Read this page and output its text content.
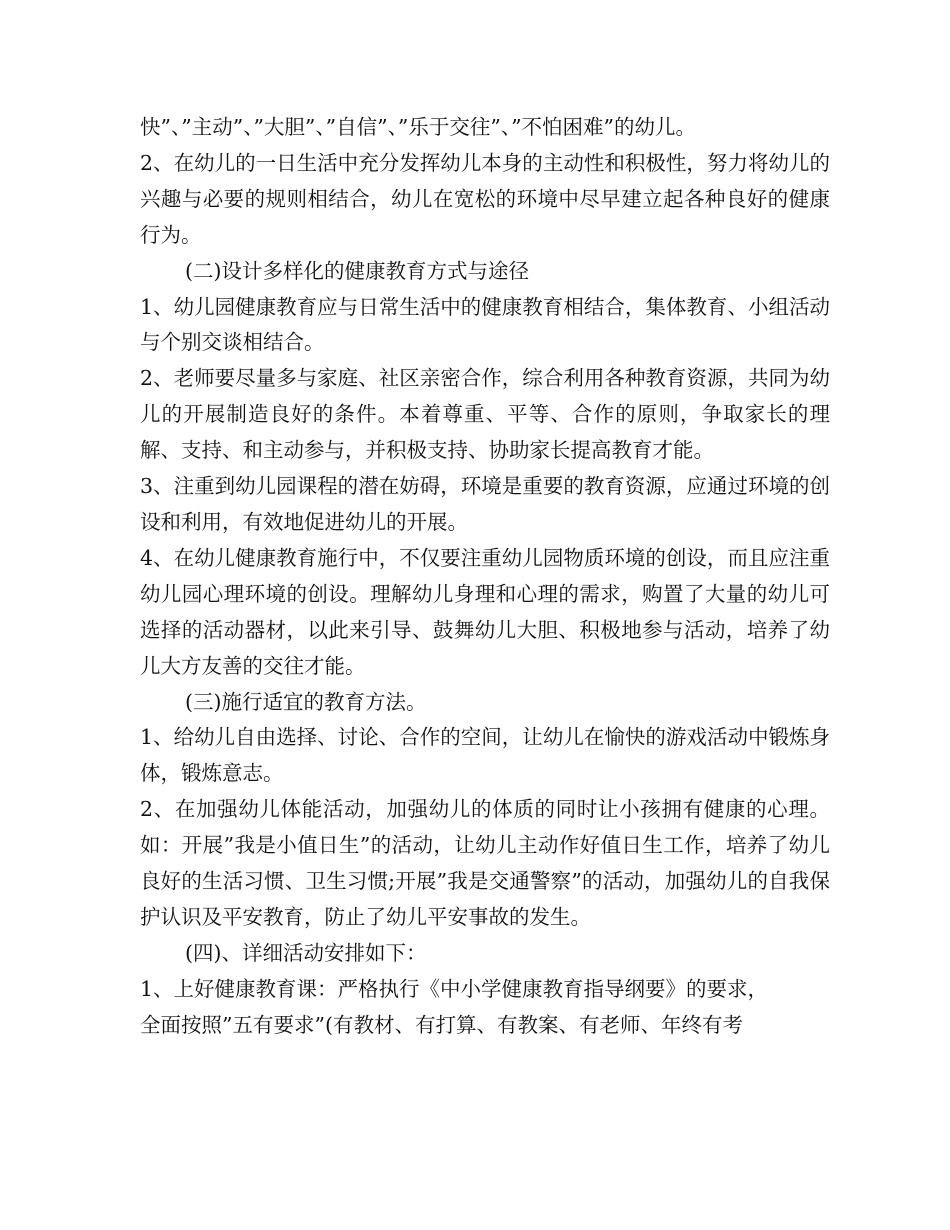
快”、”主动”、”大胆”、”自信”、”乐于交往”、”不怕困难”的幼儿。

2、在幼儿的一日生活中充分发挥幼儿本身的主动性和积极性，努力将幼儿的兴趣与必要的规则相结合，幼儿在宽松的环境中尽早建立起各种良好的健康行为。

(二)设计多样化的健康教育方式与途径

1、幼儿园健康教育应与日常生活中的健康教育相结合，集体教育、小组活动与个别交谈相结合。

2、老师要尽量多与家庭、社区亲密合作，综合利用各种教育资源，共同为幼儿的开展制造良好的条件。本着尊重、平等、合作的原则，争取家长的理解、支持、和主动参与，并积极支持、协助家长提高教育才能。

3、注重到幼儿园课程的潜在妨碍，环境是重要的教育资源，应通过环境的创设和利用，有效地促进幼儿的开展。

4、在幼儿健康教育施行中，不仅要注重幼儿园物质环境的创设，而且应注重幼儿园心理环境的创设。理解幼儿身理和心理的需求，购置了大量的幼儿可选择的活动器材，以此来引导、鼓舞幼儿大胆、积极地参与活动，培养了幼儿大方友善的交往才能。

(三)施行适宜的教育方法。

1、给幼儿自由选择、讨论、合作的空间，让幼儿在愉快的游戏活动中锻炼身体，锻炼意志。

2、在加强幼儿体能活动，加强幼儿的体质的同时让小孩拥有健康的心理。如：开展”我是小值日生”的活动，让幼儿主动作好值日生工作，培养了幼儿良好的生活习惯、卫生习惯;开展”我是交通警察”的活动，加强幼儿的自我保护认识及平安教育，防止了幼儿平安事故的发生。

(四)、详细活动安排如下：

1、上好健康教育课：严格执行《中小学健康教育指导纲要》的要求，

全面按照”五有要求”(有教材、有打算、有教案、有老师、年终有考
